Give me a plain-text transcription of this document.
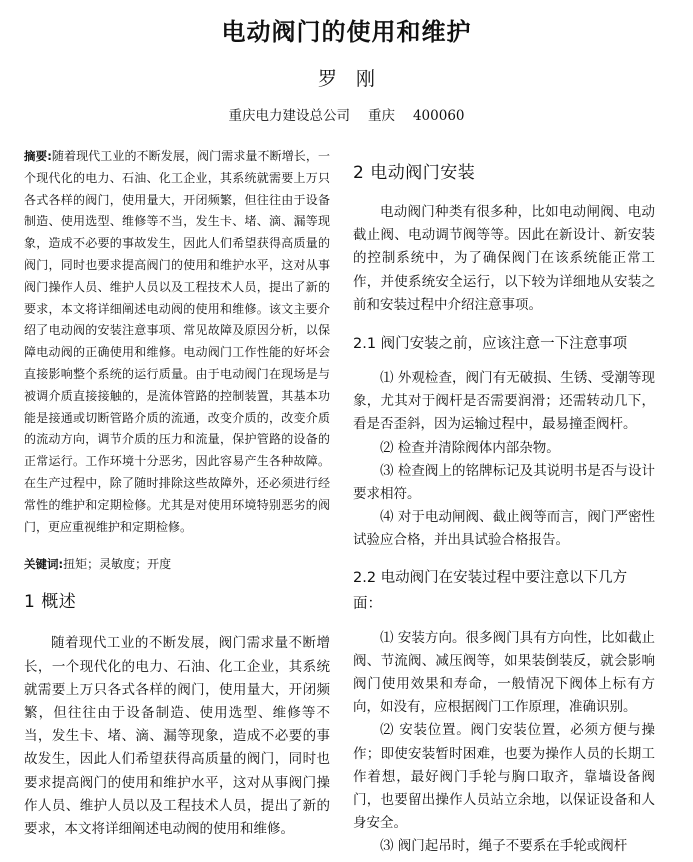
电动阀门的使用和维护
罗　刚
重庆电力建设总公司 重庆 400060

摘要:随着现代工业的不断发展，阀门需求量不断增长，一个现代化的电力、石油、化工企业，其系统就需要上万只各式各样的阀门，使用量大，开闭频繁，但往往由于设备制造、使用选型、维修等不当，发生卡、堵、滴、漏等现象，造成不必要的事故发生，因此人们希望获得高质量的阀门，同时也要求提高阀门的使用和维护水平，这对从事阀门操作人员、维护人员以及工程技术人员，提出了新的要求，本文将详细阐述电动阀的使用和维修。该文主要介绍了电动阀的安装注意事项、常见故障及原因分析，以保障电动阀的正确使用和维修。电动阀门工作性能的好坏会直接影响整个系统的运行质量。由于电动阀门在现场是与被调介质直接接触的，是流体管路的控制装置，其基本功能是接通或切断管路介质的流通，改变介质的，改变介质的流动方向，调节介质的压力和流量，保护管路的设备的正常运行。工作环境十分恶劣，因此容易产生各种故障。在生产过程中，除了随时排除这些故障外，还必须进行经常性的维护和定期检修。尤其是对使用环境特别恶劣的阀门，更应重视维护和定期检修。

关键词:扭矩；灵敏度；开度

1 概述

随着现代工业的不断发展，阀门需求量不断增长，一个现代化的电力、石油、化工企业，其系统就需要上万只各式各样的阀门，使用量大，开闭频繁，但往往由于设备制造、使用选型、维修等不当，发生卡、堵、滴、漏等现象，造成不必要的事故发生，因此人们希望获得高质量的阀门，同时也要求提高阀门的使用和维护水平，这对从事阀门操作人员、维护人员以及工程技术人员，提出了新的要求，本文将详细阐述电动阀的使用和维修。

2 电动阀门安装

电动阀门种类有很多种，比如电动闸阀、电动截止阀、电动调节阀等等。因此在新设计、新安装的控制系统中，为了确保阀门在该系统能正常工作，并使系统安全运行，以下较为详细地从安装之前和安装过程中介绍注意事项。

2.1 阀门安装之前，应该注意一下注意事项

⑴ 外观检查，阀门有无破损、生锈、受潮等现象，尤其对于阀杆是否需要润滑；还需转动几下，看是否歪斜，因为运输过程中，最易撞歪阀杆。

⑵ 检查并清除阀体内部杂物。

⑶ 检查阀上的铭牌标记及其说明书是否与设计要求相符。

⑷ 对于电动闸阀、截止阀等而言，阀门严密性试验应合格，并出具试验合格报告。

2.2 电动阀门在安装过程中要注意以下几方面：

⑴ 安装方向。很多阀门具有方向性，比如截止阀、节流阀、减压阀等，如果装倒装反，就会影响阀门使用效果和寿命，一般情况下阀体上标有方向，如没有，应根据阀门工作原理，准确识别。

⑵ 安装位置。阀门安装位置，必须方便与操作；即使安装暂时困难，也要为操作人员的长期工作着想，最好阀门手轮与胸口取齐，靠墙设备阀门，也要留出操作人员站立余地，以保证设备和人身安全。

⑶ 阀门起吊时，绳子不要系在手轮或阀杆
